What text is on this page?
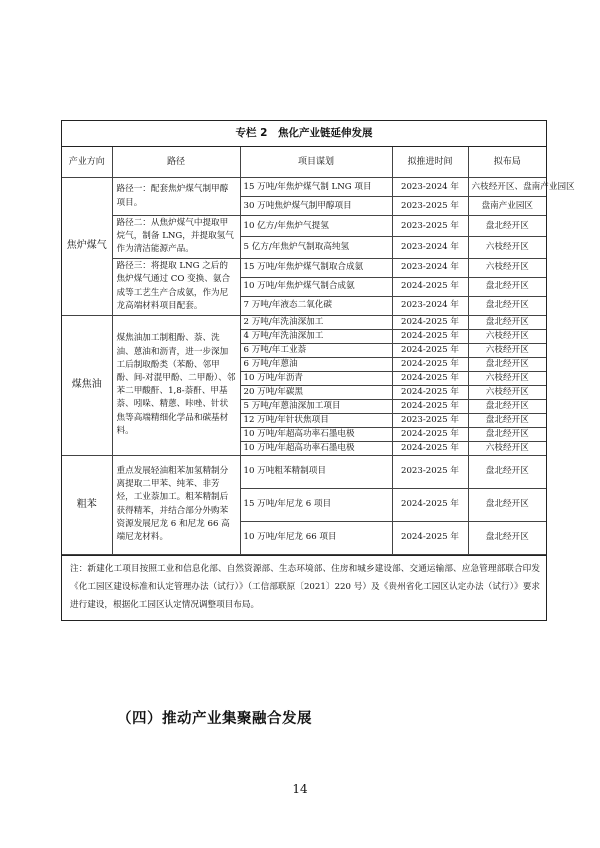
专栏 2　焦化产业链延伸发展
产业方向	路径	项目谋划	拟推进时间	拟布局
焦炉煤气	路径一：配套焦炉煤气制甲醇项目。	15 万吨/年焦炉煤气制 LNG 项目	2023-2024 年	六枝经开区、盘南产业园区
		30 万吨焦炉煤气制甲醇项目	2023-2025 年	盘南产业园区
	路径二：从焦炉煤气中提取甲烷气，制备 LNG，并提取氢气作为清洁能源产品。	10 亿方/年焦炉气提氢	2023-2025 年	盘北经开区
		5 亿方/年焦炉气制取高纯氢	2023-2024 年	六枝经开区
	路径三：将提取 LNG 之后的焦炉煤气通过 CO 变换、氨合成等工艺生产合成氨，作为尼龙高端材料项目配套。	15 万吨/年焦炉煤气制取合成氨	2023-2024 年	六枝经开区
		10 万吨/年焦炉煤气制合成氨	2024-2025 年	盘北经开区
		7 万吨/年液态二氧化碳	2023-2024 年	盘北经开区
煤焦油	煤焦油加工制粗酚、萘、洗油、蒽油和沥青，进一步深加工后制取酚类（苯酚、邻甲酚、间-对混甲酚、二甲酚）、邻苯二甲酸酐、1,8-萘酐、甲基萘、吲哚、精蒽、咔唑、针状焦等高端精细化学品和碳基材料。	2 万吨/年洗油深加工	2024-2025 年	盘北经开区
		4 万吨/年洗油深加工	2024-2025 年	六枝经开区
		6 万吨/年工业萘	2024-2025 年	六枝经开区
		6 万吨/年蒽油	2024-2025 年	盘北经开区
		10 万吨/年沥青	2024-2025 年	六枝经开区
		20 万吨/年碳黑	2024-2025 年	六枝经开区
		5 万吨/年蒽油深加工项目	2024-2025 年	盘北经开区
		12 万吨/年针状焦项目	2023-2025 年	盘北经开区
		10 万吨/年超高功率石墨电极	2024-2025 年	盘北经开区
		10 万吨/年超高功率石墨电极	2024-2025 年	六枝经开区
粗苯	重点发展轻油粗苯加氢精制分离提取二甲苯、纯苯、非芳烃，工业萘加工。粗苯精制后获得精苯，并结合部分外购苯资源发展尼龙 6 和尼龙 66 高端尼龙材料。	10 万吨粗苯精制项目	2023-2025 年	盘北经开区
		15 万吨/年尼龙 6 项目	2024-2025 年	盘北经开区
		10 万吨/年尼龙 66 项目	2024-2025 年	盘北经开区
注：新建化工项目按照工业和信息化部、自然资源部、生态环境部、住房和城乡建设部、交通运输部、应急管理部联合印发《化工园区建设标准和认定管理办法（试行）》（工信部联原〔2021〕220 号）及《贵州省化工园区认定办法（试行）》要求进行建设，根据化工园区认定情况调整项目布局。
（四）推动产业集聚融合发展
14
